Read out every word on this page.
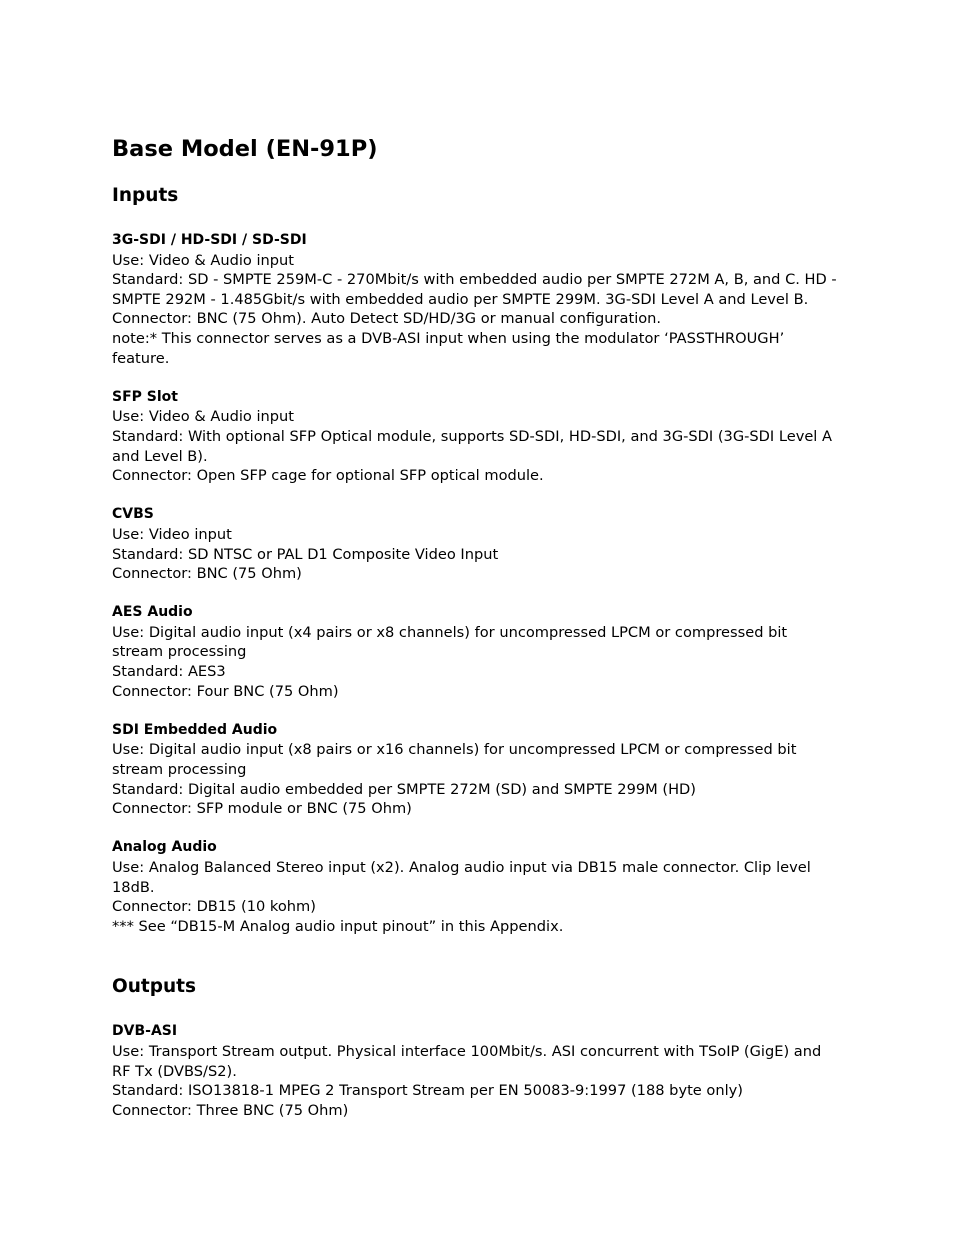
Base Model (EN-91P)
Inputs

3G-SDI / HD-SDI / SD-SDI

Use: Video & Audio input

Standard: SD - SMPTE 259M-C - 270Mbit/s with embedded audio per SMPTE 272M A, B, and C. HD - SMPTE 292M - 1.485Gbit/s with embedded audio per SMPTE 299M. 3G-SDI Level A and Level B.

Connector: BNC (75 Ohm). Auto Detect SD/HD/3G or manual configuration.

note:* This connector serves as a DVB-ASI input when using the modulator ‘PASSTHROUGH’ feature.

SFP Slot

Use: Video & Audio input

Standard: With optional SFP Optical module, supports SD-SDI, HD-SDI, and 3G-SDI (3G-SDI Level A and Level B).

Connector: Open SFP cage for optional SFP optical module.

CVBS

Use: Video input

Standard: SD NTSC or PAL D1 Composite Video Input

Connector: BNC (75 Ohm)

AES Audio

Use: Digital audio input (x4 pairs or x8 channels) for uncompressed LPCM or compressed bit stream processing

Standard: AES3

Connector: Four BNC (75 Ohm)

SDI Embedded Audio

Use: Digital audio input (x8 pairs or x16 channels) for uncompressed LPCM or compressed bit stream processing

Standard: Digital audio embedded per SMPTE 272M (SD) and SMPTE 299M (HD)

Connector: SFP module or BNC (75 Ohm)

Analog Audio

Use: Analog Balanced Stereo input (x2). Analog audio input via DB15 male connector. Clip level 18dB.

Connector: DB15 (10 kohm)

*** See “DB15-M Analog audio input pinout” in this Appendix.

Outputs

DVB-ASI

Use: Transport Stream output. Physical interface 100Mbit/s. ASI concurrent with TSoIP (GigE) and RF Tx (DVBS/S2).

Standard: ISO13818-1 MPEG 2 Transport Stream per EN 50083-9:1997 (188 byte only)

Connector: Three BNC (75 Ohm)
